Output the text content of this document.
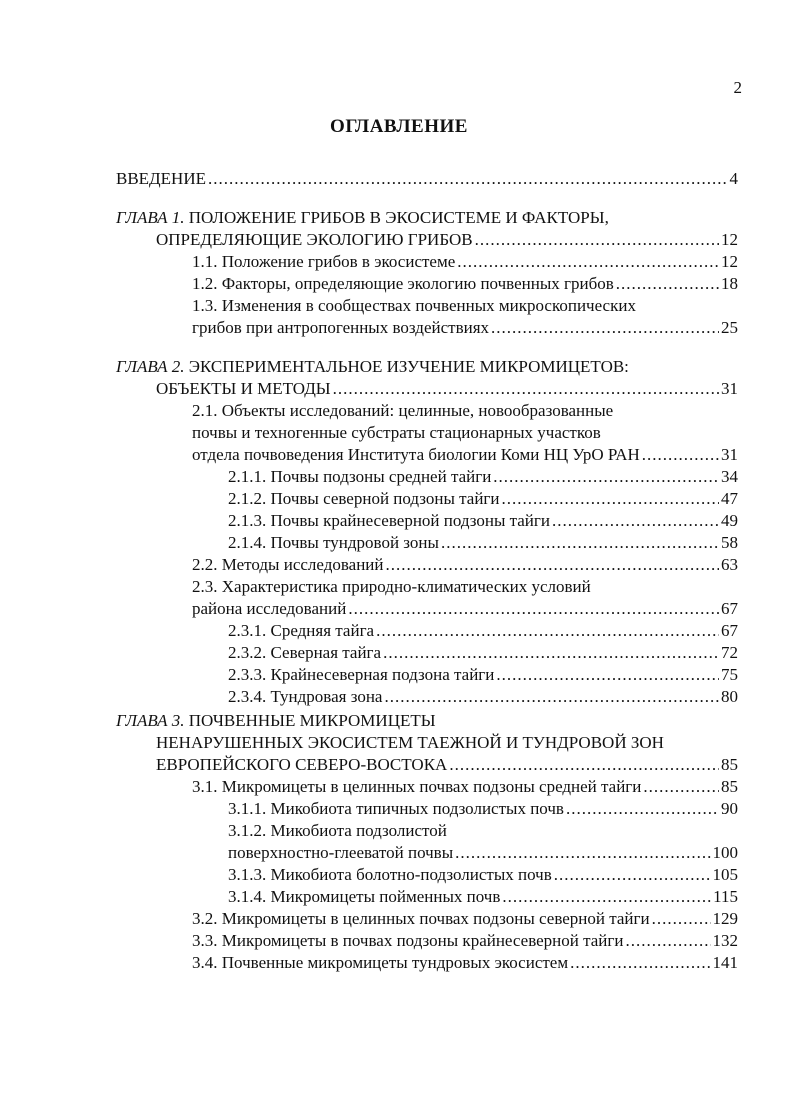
2
ОГЛАВЛЕНИЕ
ВВЕДЕНИЕ .....	4
ГЛАВА 1.
ПОЛОЖЕНИЕ ГРИБОВ В ЭКОСИСТЕМЕ И ФАКТОРЫ,
ОПРЕДЕЛЯЮЩИЕ ЭКОЛОГИЮ ГРИБОВ .....	12
1.1. Положение грибов в экосистеме .....	12
1.2. Факторы, определяющие экологию почвенных грибов .....	18
1.3. Изменения в сообществах почвенных микроскопических
грибов при антропогенных воздействиях .....	25
ГЛАВА 2.
ЭКСПЕРИМЕНТАЛЬНОЕ ИЗУЧЕНИЕ МИКРОМИЦЕТОВ:
ОБЪЕКТЫ И МЕТОДЫ .....	31
2.1. Объекты исследований: целинные, новообразованные
почвы и техногенные субстраты стационарных участков
отдела почвоведения Института биологии Коми НЦ УрО РАН .....	31
2.1.1. Почвы подзоны средней тайги .....	34
2.1.2. Почвы северной подзоны тайги .....	47
2.1.3. Почвы крайнесеверной подзоны тайги .....	49
2.1.4. Почвы тундровой зоны .....	58
2.2. Методы исследований .....	63
2.3. Характеристика природно-климатических условий
района исследований .....	67
2.3.1. Средняя тайга .....	67
2.3.2. Северная тайга .....	72
2.3.3. Крайнесеверная подзона тайги .....	75
2.3.4. Тундровая зона .....	80
ГЛАВА 3.
ПОЧВЕННЫЕ МИКРОМИЦЕТЫ
НЕНАРУШЕННЫХ ЭКОСИСТЕМ ТАЕЖНОЙ И ТУНДРОВОЙ ЗОН
ЕВРОПЕЙСКОГО СЕВЕРО-ВОСТОКА .....	85
3.1. Микромицеты в целинных почвах подзоны средней тайги .....	85
3.1.1. Микобиота типичных подзолистых почв .....	90
3.1.2. Микобиота подзолистой
поверхностно-глееватой почвы .....	100
3.1.3. Микобиота болотно-подзолистых почв .....	105
3.1.4. Микромицеты пойменных почв .....	115
3.2. Микромицеты в целинных почвах подзоны северной тайги .....	129
3.3. Микромицеты в почвах подзоны крайнесеверной тайги .....	132
3.4. Почвенные микромицеты тундровых экосистем .....	141
